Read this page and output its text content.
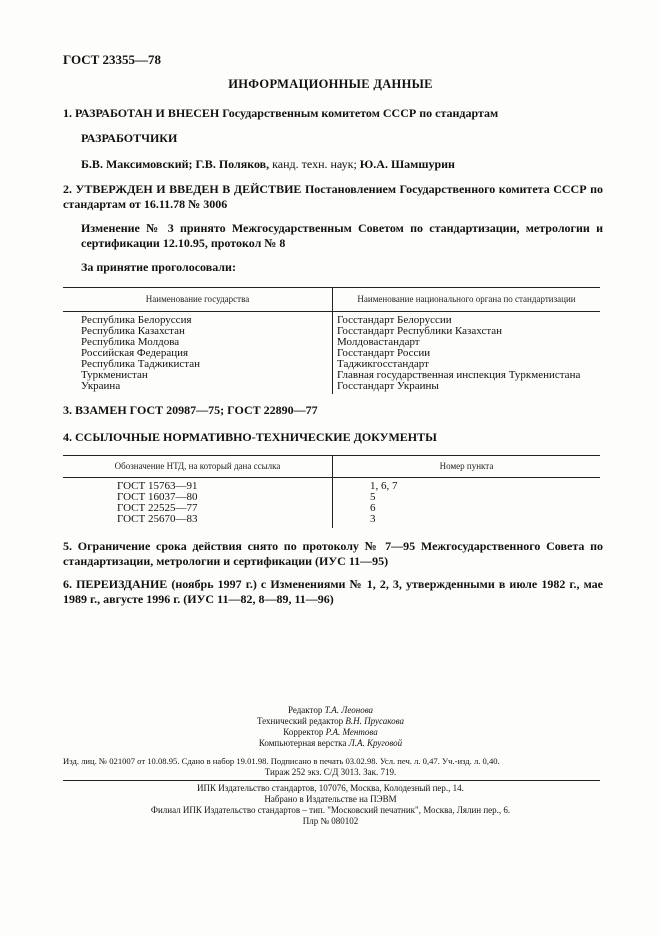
ГОСТ 23355—78
ИНФОРМАЦИОННЫЕ ДАННЫЕ
1. РАЗРАБОТАН И ВНЕСЕН Государственным комитетом СССР по стандартам
РАЗРАБОТЧИКИ
Б.В. Максимовский; Г.В. Поляков, канд. техн. наук; Ю.А. Шамшурин
2. УТВЕРЖДЕН И ВВЕДЕН В ДЕЙСТВИЕ Постановлением Государственного комитета СССР по стандартам от 16.11.78 № 3006
Изменение № 3 принято Межгосударственным Советом по стандартизации, метрологии и сертификации 12.10.95, протокол № 8
За принятие проголосовали:
Наименование государства	Наименование национального органа по стандартизации
Республика Белоруссия	Госстандарт Белоруссии
Республика Казахстан	Госстандарт Республики Казахстан
Республика Молдова	Молдовастандарт
Российская Федерация	Госстандарт России
Республика Таджикистан	Таджикгосстандарт
Туркменистан	Главная государственная инспекция Туркменистана
Украина	Госстандарт Украины
3. ВЗАМЕН ГОСТ 20987—75; ГОСТ 22890—77
4. ССЫЛОЧНЫЕ НОРМАТИВНО-ТЕХНИЧЕСКИЕ ДОКУМЕНТЫ
Обозначение НТД, на который дана ссылка	Номер пункта
ГОСТ 15763—91	1, 6, 7
ГОСТ 16037—80	5
ГОСТ 22525—77	6
ГОСТ 25670—83	3
5. Ограничение срока действия снято по протоколу № 7—95 Межгосударственного Совета по стандартизации, метрологии и сертификации (ИУС 11—95)
6. ПЕРЕИЗДАНИЕ (ноябрь 1997 г.) с Изменениями № 1, 2, 3, утвержденными в июле 1982 г., мае 1989 г., августе 1996 г. (ИУС 11—82, 8—89, 11—96)
Редактор Т.А. Леонова
Технический редактор В.Н. Прусакова
Корректор Р.А. Ментова
Компьютерная верстка Л.А. Круговой
Изд. лиц. № 021007 от 10.08.95. Сдано в набор 19.01.98. Подписано в печать 03.02.98. Усл. печ. л. 0,47. Уч.-изд. л. 0,40.
Тираж 252 экз. С/Д 3013. Зак. 719.
ИПК Издательство стандартов, 107076, Москва, Колодезный пер., 14.
Набрано в Издательстве на ПЭВМ
Филиал ИПК Издательство стандартов – тип. "Московский печатник", Москва, Лялин пер., 6.
Плр № 080102
